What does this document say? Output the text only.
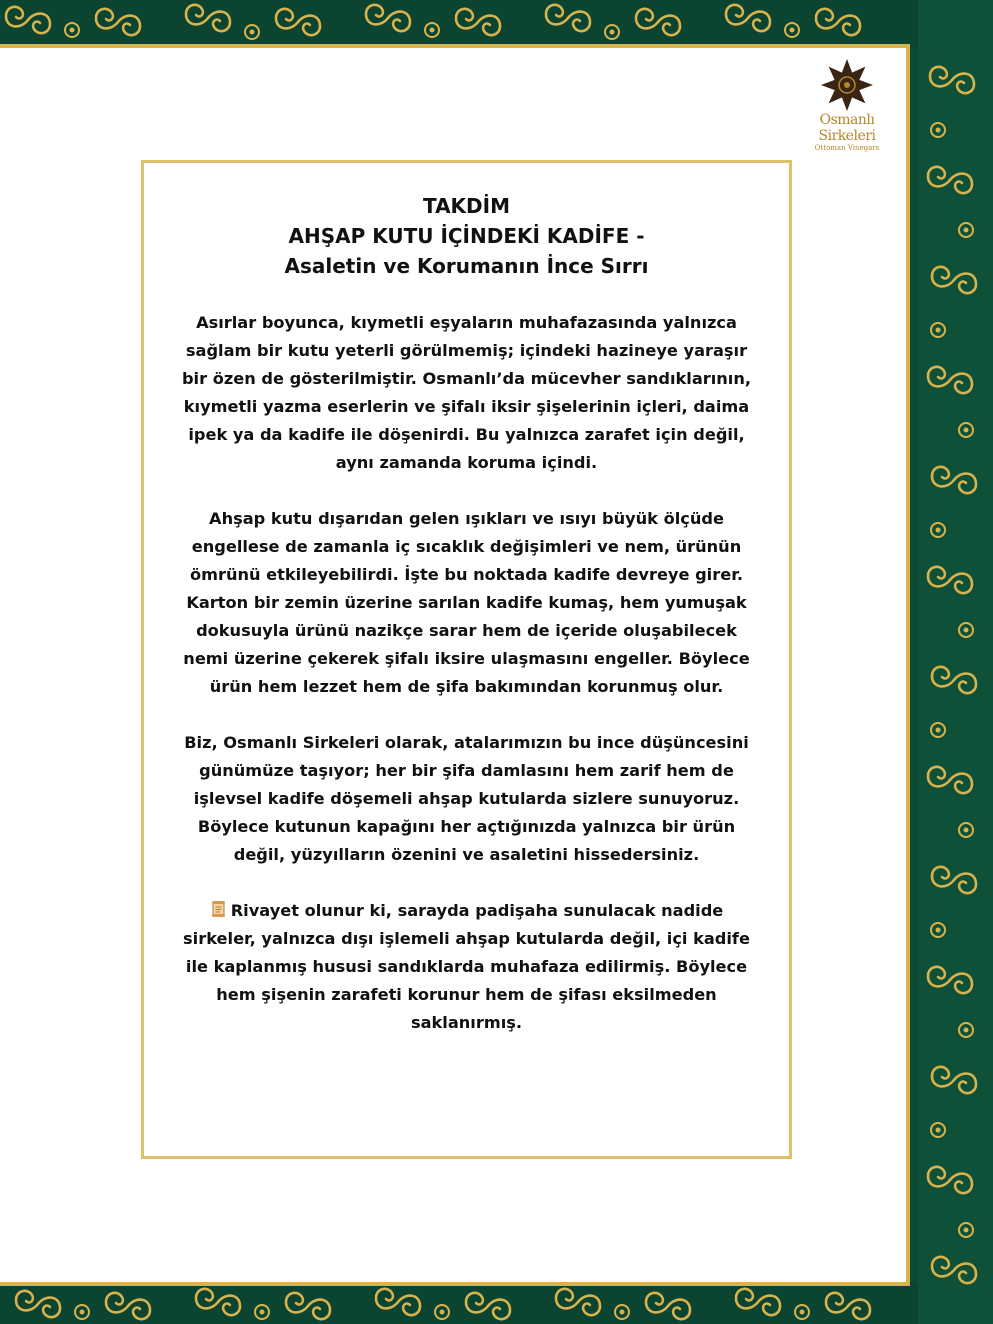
Osmanlı Sirkeleri
Ottoman Vinegars

TAKDİM

AHŞAP KUTU İÇİNDEKİ KADİFE -

Asaletin ve Korumanın İnce Sırrı

Asırlar boyunca, kıymetli eşyaların muhafazasında yalnızca sağlam bir kutu yeterli görülmemiş; içindeki hazineye yaraşır bir özen de gösterilmiştir. Osmanlı’da mücevher sandıklarının, kıymetli yazma eserlerin ve şifalı iksir şişelerinin içleri, daima ipek ya da kadife ile döşenirdi. Bu yalnızca zarafet için değil, aynı zamanda koruma içindi.

Ahşap kutu dışarıdan gelen ışıkları ve ısıyı büyük ölçüde engellese de zamanla iç sıcaklık değişimleri ve nem, ürünün ömrünü etkileyebilirdi. İşte bu noktada kadife devreye girer. Karton bir zemin üzerine sarılan kadife kumaş, hem yumuşak dokusuyla ürünü nazikçe sarar hem de içeride oluşabilecek nemi üzerine çekerek şifalı iksire ulaşmasını engeller. Böylece ürün hem lezzet hem de şifa bakımından korunmuş olur.

Biz, Osmanlı Sirkeleri olarak, atalarımızın bu ince düşüncesini günümüze taşıyor; her bir şifa damlasını hem zarif hem de işlevsel kadife döşemeli ahşap kutularda sizlere sunuyoruz. Böylece kutunun kapağını her açtığınızda yalnızca bir ürün değil, yüzyılların özenini ve asaletini hissedersiniz.

Rivayet olunur ki, sarayda padişaha sunulacak nadide sirkeler, yalnızca dışı işlemeli ahşap kutularda değil, içi kadife ile kaplanmış hususi sandıklarda muhafaza edilirmiş. Böylece hem şişenin zarafeti korunur hem de şifası eksilmeden saklanırmış.
